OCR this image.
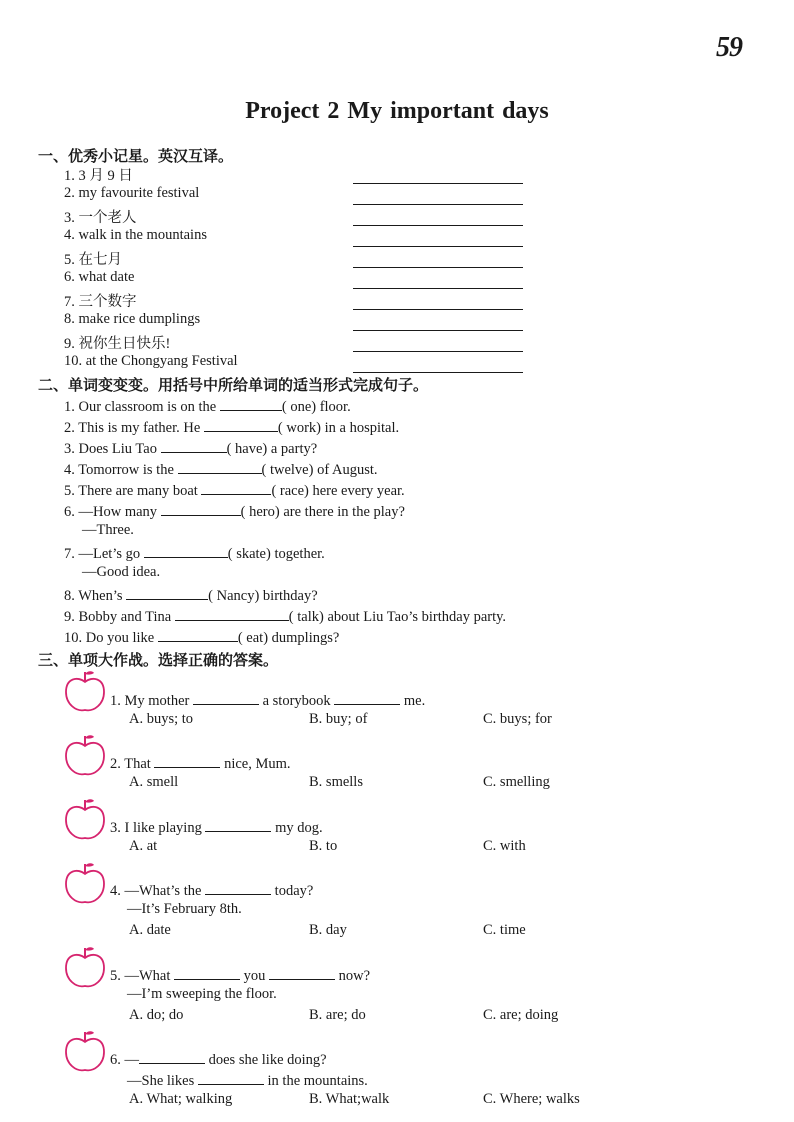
59
Project 2 My important days
一、优秀小记星。英汉互译。
1. 3 月 9 日
2. my favourite festival
3. 一个老人
4. walk in the mountains
5. 在七月
6. what date
7. 三个数字
8. make rice dumplings
9. 祝你生日快乐!
10. at the Chongyang Festival
二、单词变变变。用括号中所给单词的适当形式完成句子。
1. Our classroom is on the	( one) floor.
2. This is my father. He	( work) in a hospital.
3. Does Liu Tao	( have) a party?
4. Tomorrow is the	( twelve) of August.
5. There are many boat	( race) here every year.
6. —How many	( hero) are there in the play?
—Three.
7. —Let’s go	( skate) together.
—Good idea.
8. When’s	( Nancy) birthday?
9. Bobby and Tina	( talk) about Liu Tao’s birthday party.
10. Do you like	( eat) dumplings?
三、单项大作战。选择正确的答案。
1. My mother	a storybook	me.
A. buys; to	B. buy; of	C. buys; for
2. That	nice, Mum.
A. smell	B. smells	C. smelling
3. I like playing	my dog.
A. at	B. to	C. with
4. —What’s the	today?
—It’s February 8th.
A. date	B. day	C. time
5. —What	you	now?
—I’m sweeping the floor.
A. do; do	B. are; do	C. are; doing
6. —	does she like doing?
—She likes	in the mountains.
A. What; walking	B. What;walk	C. Where; walks
